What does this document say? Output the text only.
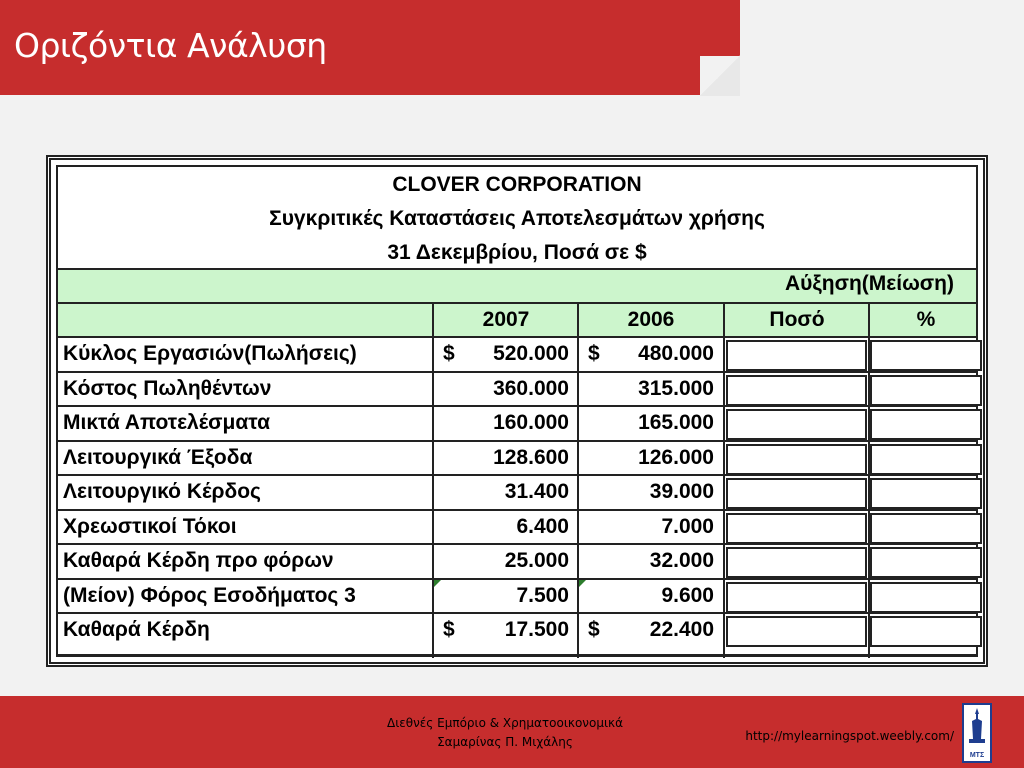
Οριζόντια Ανάλυση
CLOVER CORPORATION
Συγκριτικές Καταστάσεις Αποτελεσμάτων χρήσης
31 Δεκεμβρίου, Ποσά σε $
Αύξηση(Μείωση)
2007	2006	Ποσό	%
Κύκλος Εργασιών(Πωλήσεις)	$ 520.000 $ 480.000
Κόστος Πωληθέντων	360.000	315.000
Μικτά Αποτελέσματα	160.000	165.000
Λειτουργικά Έξοδα	128.600	126.000
Λειτουργικό Κέρδος	31.400	39.000
Χρεωστικοί Τόκοι	6.400	7.000
Καθαρά Κέρδη προ φόρων	25.000	32.000
(Μείον) Φόρος Εσοδήματος 3	7.500	9.600
Καθαρά Κέρδη	$ 17.500 $ 22.400
Διεθνές Εμπόριο & Χρηματοοικονομικά
Σαμαρίνας Π. Μιχάλης	http://mylearningspot.weebly.com/
ΜΤΣ
